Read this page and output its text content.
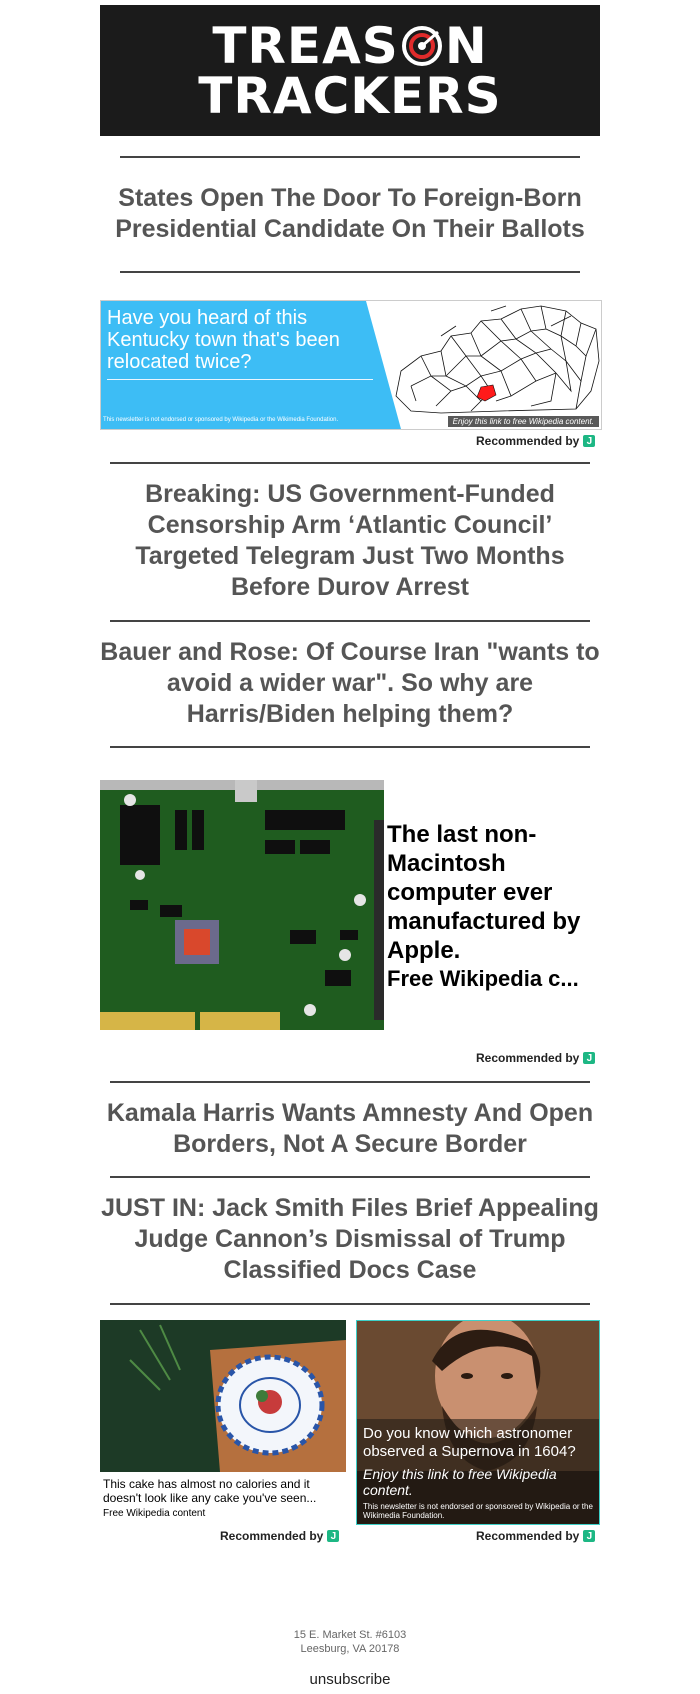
TREAS N
TRACKERS
States Open The Door To Foreign-Born Presidential Candidate On Their Ballots
Have you heard of this Kentucky town that's been relocated twice?
This newsletter is not endorsed or sponsored by Wikipedia or the Wikimedia Foundation.	Enjoy this link to free Wikipedia content.
Recommended by J
Breaking: US Government-Funded Censorship Arm ‘Atlantic Council’ Targeted Telegram Just Two Months Before Durov Arrest
Bauer and Rose: Of Course Iran "wants to avoid a wider war". So why are Harris/Biden helping them?
The last non-Macintosh computer ever manufactured by Apple.
Free Wikipedia c...
Recommended by J
Kamala Harris Wants Amnesty And Open Borders, Not A Secure Border
JUST IN: Jack Smith Files Brief Appealing Judge Cannon’s Dismissal of Trump Classified Docs Case
This cake has almost no calories and it doesn't look like any cake you've seen...
Free Wikipedia content
Recommended by J
Do you know which astronomer observed a Supernova in 1604?
Enjoy this link to free Wikipedia content.
This newsletter is not endorsed or sponsored by Wikipedia or the Wikimedia Foundation.
Recommended by J
15 E. Market St. #6103
Leesburg, VA 20178
unsubscribe
